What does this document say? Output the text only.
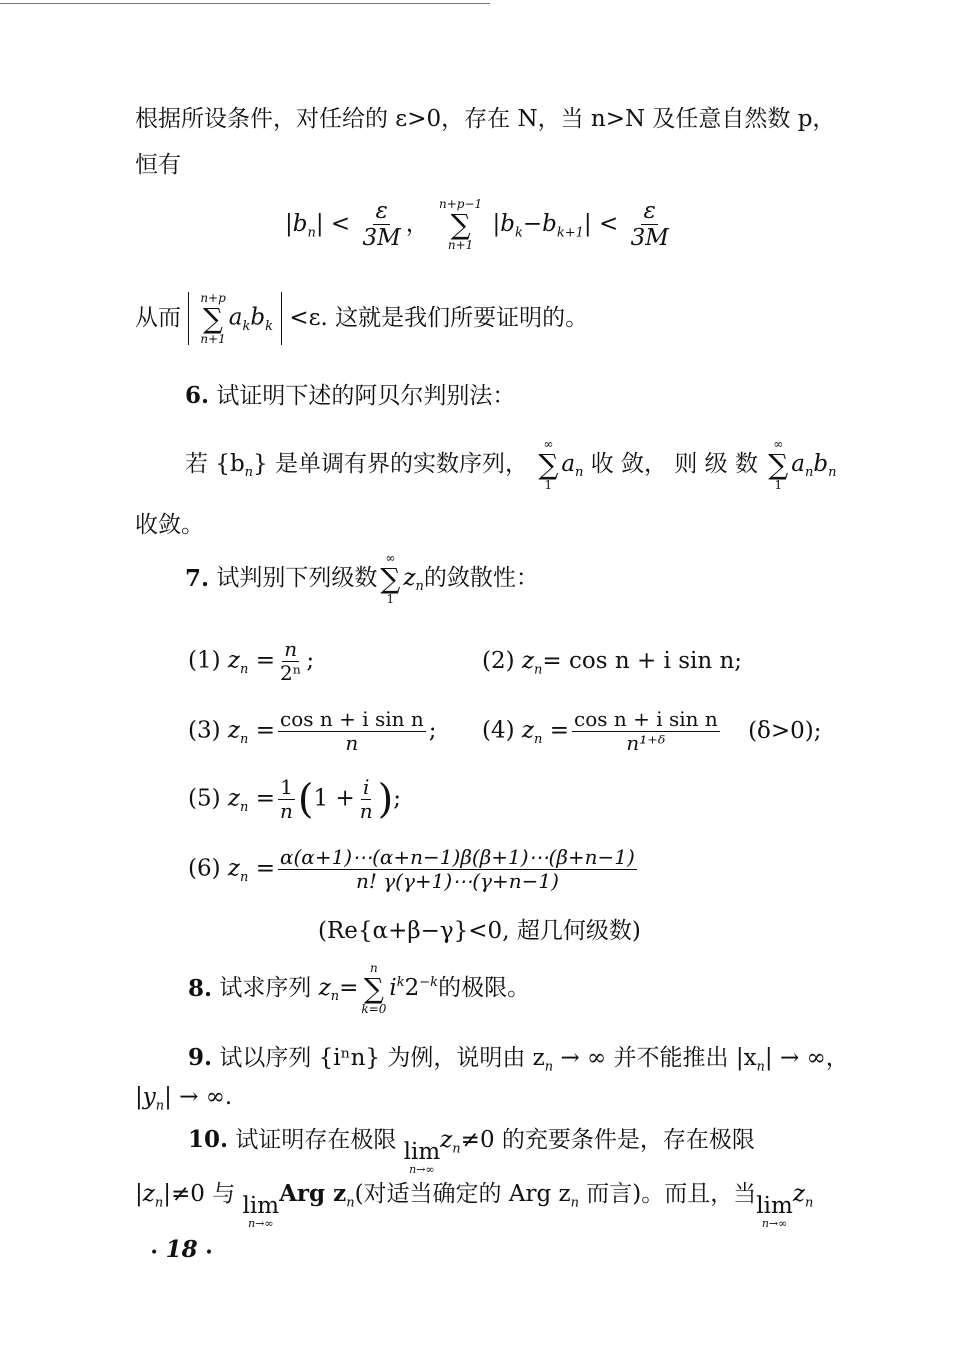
根据所设条件，对任给的 ε>0，存在 N，当 n>N 及任意自然数 p，
恒有
$|b_n| < \frac{\varepsilon}{3M}$ ，
n+p−1
∑
n+1
$|b_k-b_{k+1}| < \frac{\varepsilon}{3M}$
从而
n+p
∑
n+1
$a_kb_k <\varepsilon$. 这就是我们所要证明的。
6. 试证明下述的阿贝尔判别法：
若 $\{b_n\}$ 是单调有界的实数序列，
∞
∑
1
$a_n$ 收 敛， 则 级 数
∞
∑
1
$a_nb_n$
收敛。
7. 试判别下列级数
∞
∑
1
$z_n$的敛散性：
(1) $z_n = \frac{n}{\text{2ⁿ}}$ ;	(2) $z_n= \cos n + i$ sin n;
(3) $z_n = \frac{\text{cos n + i sin n}}{n}$ ; (4) $z_n = \frac{\text{cos n + i sin n}}{\text{n¹⁺ᵟ}} (\delta>0)$;
(5) $z_n = \frac{1}{n} (1 + \frac{i}{n}$ );
(6) $z_n = \frac{\alpha(\alpha+1)\cdots(\alpha+n-1)\beta(\beta+1)\cdots(\beta+n-1)}{n! \gamma(\gamma+1)\cdots(\gamma+n-1)}$
(Re{α+β−γ}<0, 超几何级数)
8. 试求序列 $z_n=$
n
∑
k=0
$i^k2^{-k}$的极限。
9. 试以序列 {iⁿn} 为例，说明由 $z_n$ → ∞ 并不能推出 $|x_n|$ → ∞，
$|y_n|$ → ∞.
10. 试证明存在极限 lim
n→∞
$z_n\ne 0$ 的充要条件是，存在极限
$|z_n|\ne 0$ 与 lim
n→∞
Arg $z_n$(对适当确定的 Arg $z_n$ 而言)。而且，当 lim
n→∞
$z_n$
• 18 •
